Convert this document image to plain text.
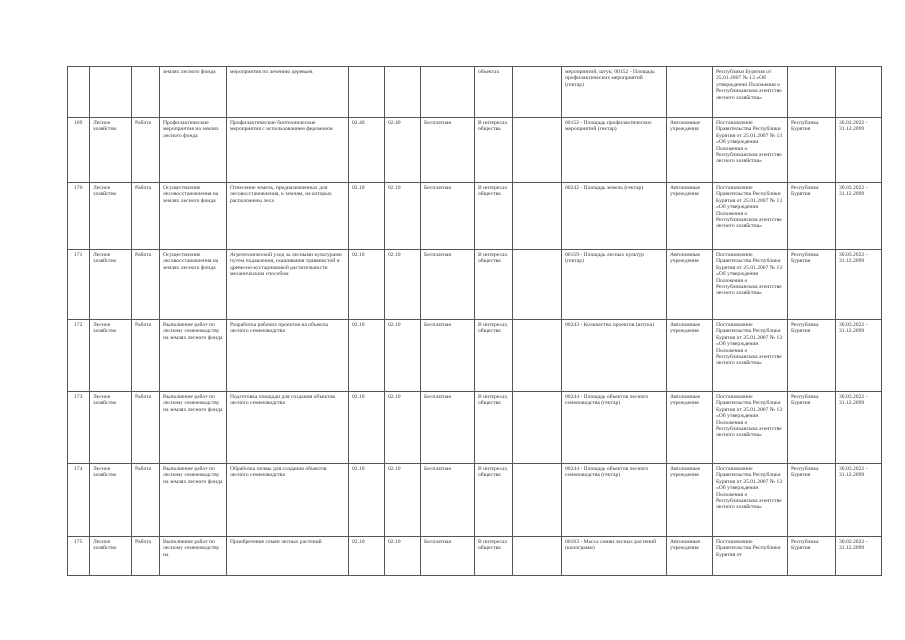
			землях лесного фонда	мероприятия по лечению деревьев				объектах		мероприятий, штук; 00152 - Площадь профилактических мероприятий (гектар)		Республики Бурятия от 25.01.2007 № 13 «Об утверждении Положения о Республиканском агентстве лесного хозяйства»		
169	Лесное хозяйство	Работа	Профилактические мероприятия на землях лесного фонда	Профилактические биотехнические мероприятия с использованием феромонов	02.40	02.40	Бесплатная	В интересах общества		00152 - Площадь профилактических мероприятий (гектар)	Автономные учреждения	Постановление Правительства Республики Бурятия от 25.01.2007 № 13 «Об утверждении Положения о Республиканском агентстве лесного хозяйства»	Республика Бурятия	30.03.2022 - 31.12.2099
170	Лесное хозяйство	Работа	Осуществление лесовосстановления на землях лесного фонда	Отнесение земель, предназначенных для лесовосстановления, к землям, на которых расположены леса	02.10	02.10	Бесплатная	В интересах общества		00242 - Площадь земель (гектар)	Автономные учреждения	Постановление Правительства Республики Бурятия от 25.01.2007 № 13 «Об утверждении Положения о Республиканском агентстве лесного хозяйства»	Республика Бурятия	30.03.2022 - 31.12.2099
171	Лесное хозяйство	Работа	Осуществление лесовосстановления на землях лесного фонда	Агротехнический уход за лесными культурами путем подавления, скашивания травянистой и древесно-кустарниковой растительности механическим способом	02.10	02.10	Бесплатная	В интересах общества		00159 - Площадь лесных культур (гектар)	Автономные учреждения	Постановление Правительства Республики Бурятия от 25.01.2007 № 13 «Об утверждении Положения о Республиканском агентстве лесного хозяйства»	Республика Бурятия	30.03.2022 - 31.12.2099
172	Лесное хозяйство	Работа	Выполнение работ по лесному семеноводству на землях лесного фонда	Разработка рабочих проектов на объекты лесного семеноводства	02.10	02.10	Бесплатная	В интересах общества		00243 - Количество проектов (штука)	Автономные учреждения	Постановление Правительства Республики Бурятия от 25.01.2007 № 13 «Об утверждении Положения о Республиканском агентстве лесного хозяйства»	Республика Бурятия	30.03.2022 - 31.12.2099
173	Лесное хозяйство	Работа	Выполнение работ по лесному семеноводству на землях лесного фонда	Подготовка площади для создания объектов лесного семеноводства	02.10	02.10	Бесплатная	В интересах общества		00244 - Площадь объектов лесного семеноводства (гектар)	Автономные учреждения	Постановление Правительства Республики Бурятия от 25.01.2007 № 13 «Об утверждении Положения о Республиканском агентстве лесного хозяйства»	Республика Бурятия	30.03.2022 - 31.12.2099
174	Лесное хозяйство	Работа	Выполнение работ по лесному семеноводству на землях лесного фонда	Обработка почвы для создания объектов лесного семеноводства	02.10	02.10	Бесплатная	В интересах общества		00244 - Площадь объектов лесного семеноводства (гектар)	Автономные учреждения	Постановление Правительства Республики Бурятия от 25.01.2007 № 13 «Об утверждении Положения о Республиканском агентстве лесного хозяйства»	Республика Бурятия	30.03.2022 - 31.12.2099
175	Лесное хозяйство	Работа	Выполнение работ по лесному семеноводству на	Приобретение семян лесных растений	02.10	02.10	Бесплатная	В интересах общества		00163 - Масса семян лесных растений (килограмм)	Автономные учреждения	Постановление Правительства Республики Бурятия от	Республика Бурятия	30.03.2022 - 31.12.2099
